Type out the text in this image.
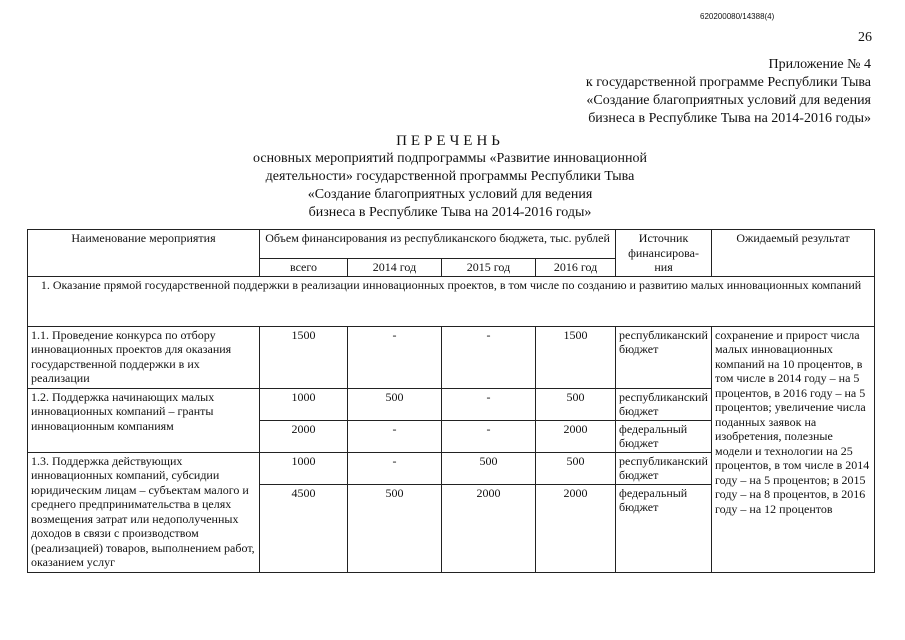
620200080/14388(4)
26
Приложение № 4
к государственной программе Республики Тыва
«Создание благоприятных условий для ведения
бизнеса в Республике Тыва на 2014-2016 годы»
ПЕРЕЧЕНЬ
основных мероприятий подпрограммы «Развитие инновационной
деятельности» государственной программы Республики Тыва
«Создание благоприятных условий для ведения
бизнеса в Республике Тыва на 2014-2016 годы»
Наименование мероприятия	Объем финансирования из республиканского бюджета, тыс. рублей				Источник финансирова-ния	Ожидаемый результат
	всего	2014 год	2015 год	2016 год		
1. Оказание прямой государственной поддержки в реализации инновационных проектов, в том числе по созданию и развитию малых инновационных компаний						
1.1. Проведение конкурса по отбору инновационных проектов для оказания государственной поддержки в их реализации	1500	-	-	1500	республиканский бюджет	сохранение и прирост числа малых инновационных компаний на 10 процентов, в том числе в 2014 году – на 5 процентов, в 2016 году – на 5 процентов; увеличение числа поданных заявок на изобретения, полезные модели и технологии на 25 процентов, в том числе в 2014 году – на 5 процентов; в 2015 году – на 8 процентов, в 2016 году – на 12 процентов
1.2. Поддержка начинающих малых инновационных компаний – гранты инновационным компаниям	1000	500	-	500	республиканский бюджет	
	2000	-	-	2000	федеральный бюджет	
1.3. Поддержка действующих инновационных компаний, субсидии юридическим лицам – субъектам малого и среднего предпринимательства в целях возмещения затрат или недополученных доходов в связи с производством (реализацией) товаров, выполнением работ, оказанием услуг	1000	-	500	500	республиканский бюджет	
	4500	500	2000	2000	федеральный бюджет	
